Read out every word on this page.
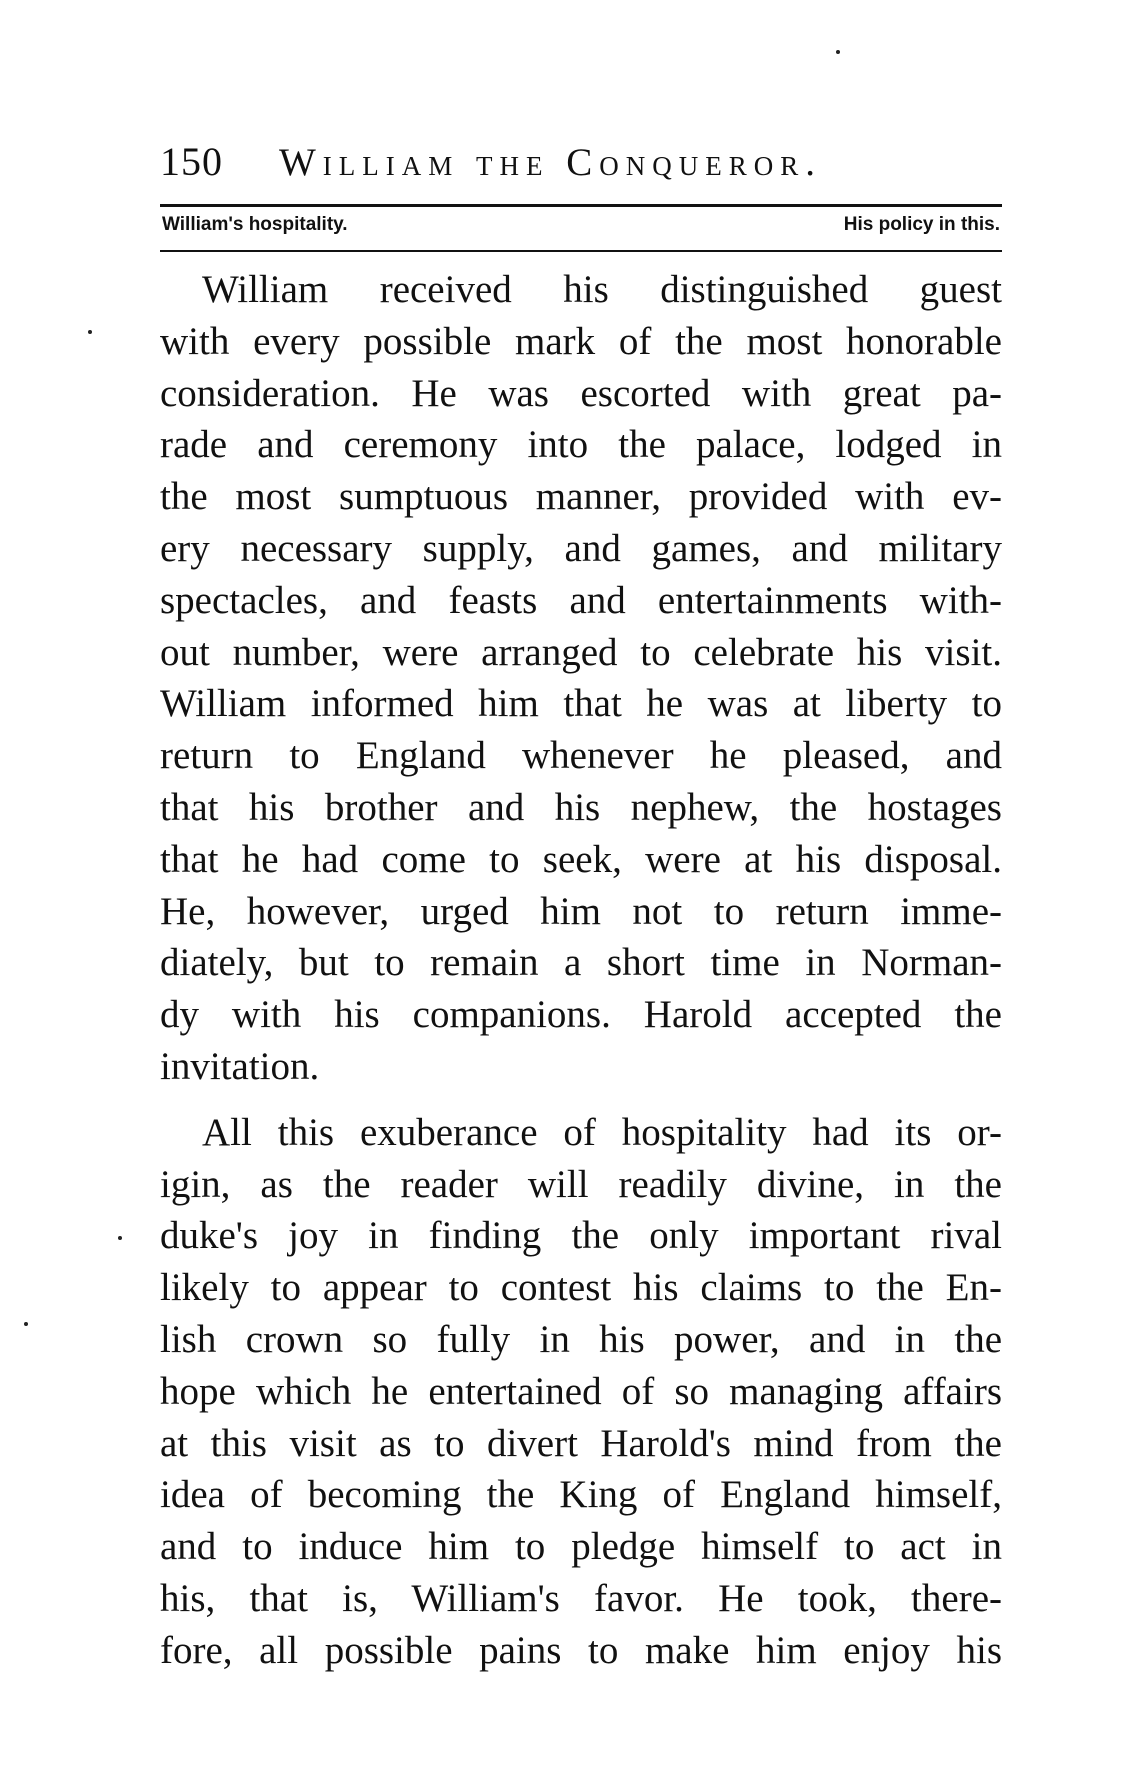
150 William the Conqueror.
William's hospitality.	His policy in this.
William received his distinguished guest
with every possible mark of the most honorable
consideration. He was escorted with great pa-
rade and ceremony into the palace, lodged in
the most sumptuous manner, provided with ev-
ery necessary supply, and games, and military
spectacles, and feasts and entertainments with-
out number, were arranged to celebrate his visit.
William informed him that he was at liberty to
return to England whenever he pleased, and
that his brother and his nephew, the hostages
that he had come to seek, were at his disposal.
He, however, urged him not to return imme-
diately, but to remain a short time in Norman-
dy with his companions. Harold accepted the
invitation.
All this exuberance of hospitality had its or-
igin, as the reader will readily divine, in the
duke's joy in finding the only important rival
likely to appear to contest his claims to the En-
lish crown so fully in his power, and in the
hope which he entertained of so managing affairs
at this visit as to divert Harold's mind from the
idea of becoming the King of England himself,
and to induce him to pledge himself to act in
his, that is, William's favor. He took, there-
fore, all possible pains to make him enjoy his
